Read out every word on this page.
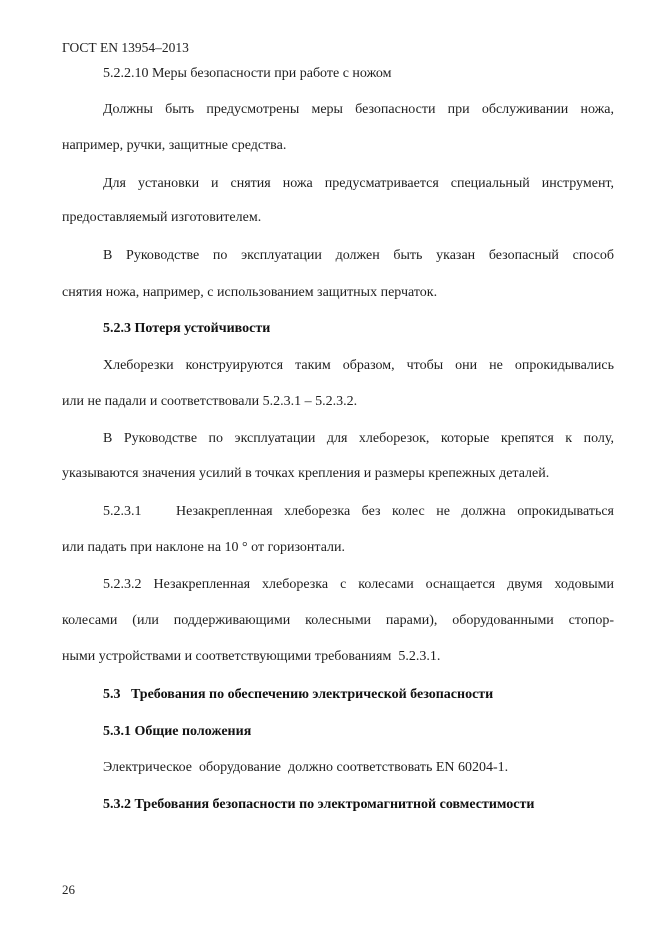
ГОСТ EN 13954–2013
5.2.2.10 Меры безопасности при работе с ножом
Должны быть предусмотрены меры безопасности при обслуживании ножа,
например, ручки, защитные средства.
Для установки и снятия ножа предусматривается специальный инструмент,
предоставляемый изготовителем.
В Руководстве по эксплуатации должен быть указан безопасный способ
снятия ножа, например, с использованием защитных перчаток.
5.2.3 Потеря устойчивости
Хлеборезки конструируются таким образом, чтобы они не опрокидывались
или не падали и соответствовали 5.2.3.1 – 5.2.3.2.
В Руководстве по эксплуатации для хлеборезок, которые крепятся к полу,
указываются значения усилий в точках крепления и размеры крепежных деталей.
5.2.3.1   Незакрепленная хлеборезка без колес не должна опрокидываться
или падать при наклоне на 10 ° от горизонтали.
5.2.3.2 Незакрепленная хлеборезка с колесами оснащается двумя ходовыми
колесами (или поддерживающими колесными парами), оборудованными стопор-
ными устройствами и соответствующими требованиям  5.2.3.1.
5.3   Требования по обеспечению электрической безопасности
5.3.1 Общие положения
Электрическое  оборудование  должно соответствовать EN 60204-1.
5.3.2 Требования безопасности по электромагнитной совместимости
26
